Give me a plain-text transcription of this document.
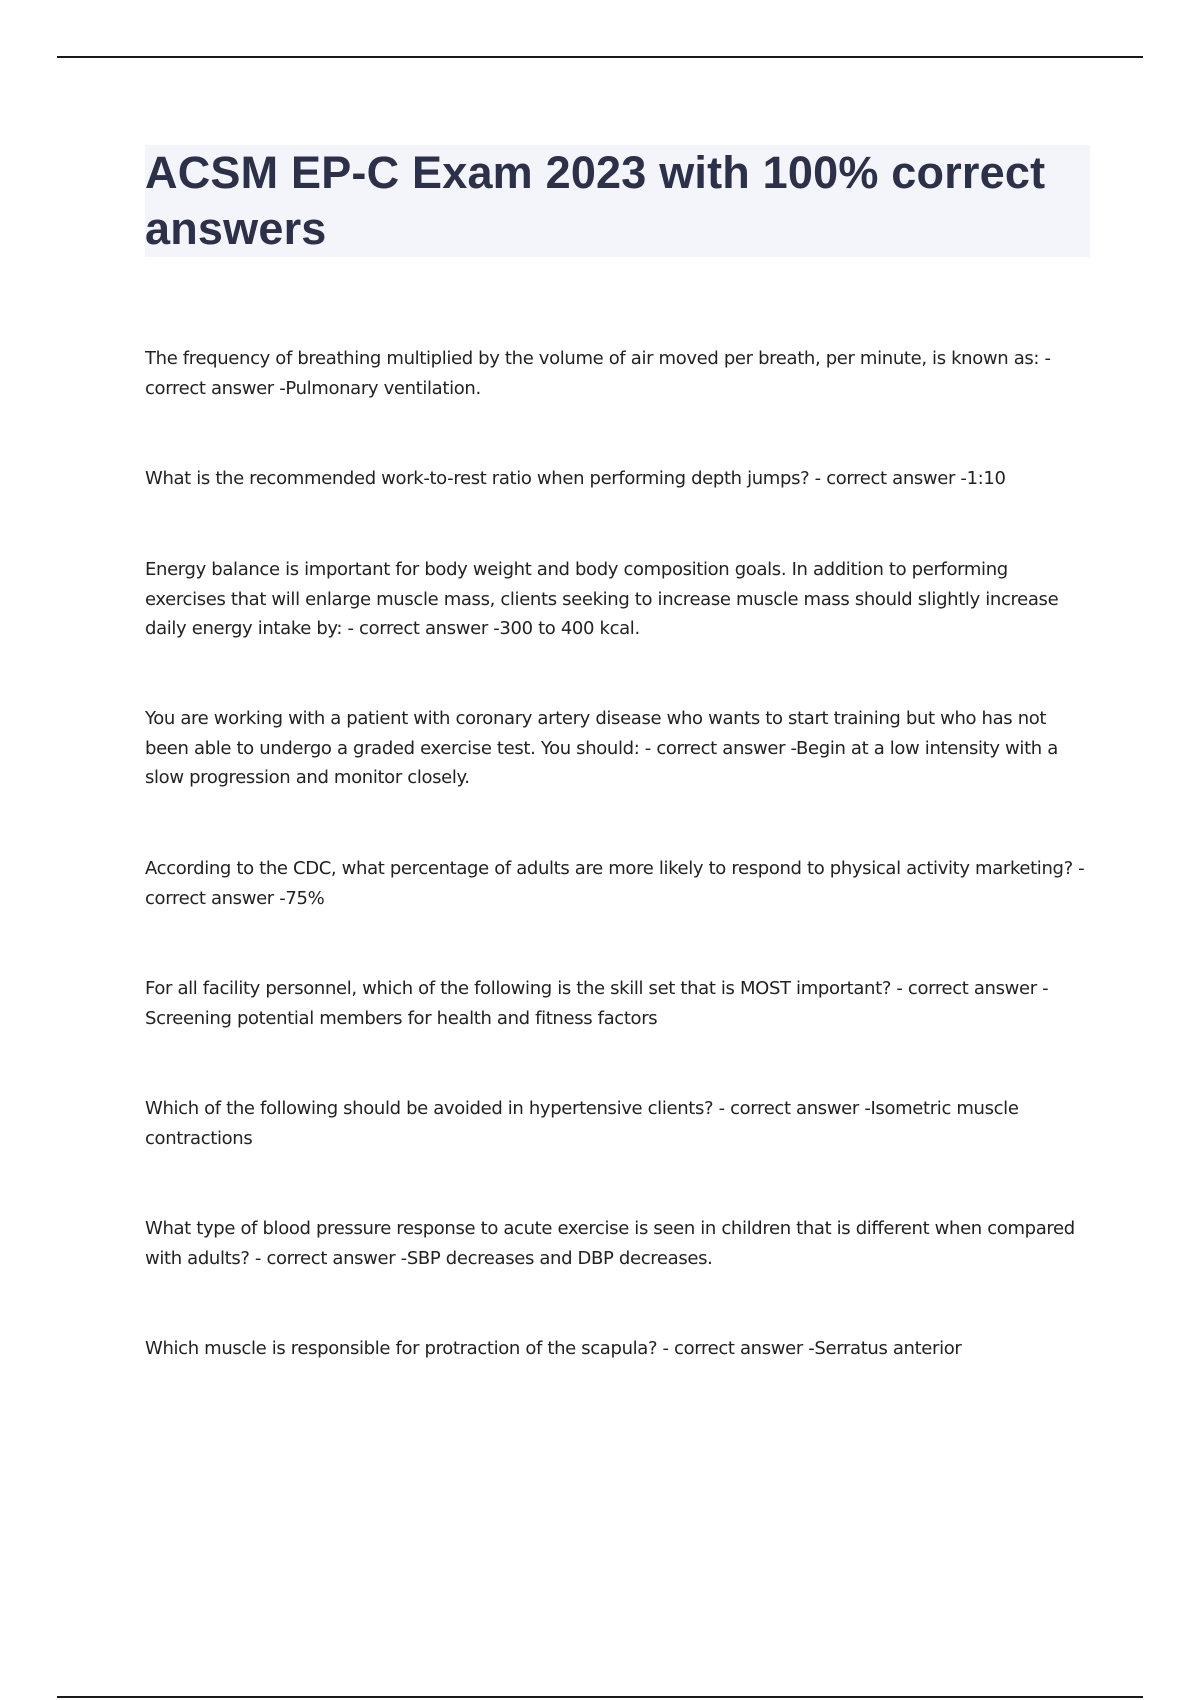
ACSM EP-C Exam 2023 with 100% correct answers

The frequency of breathing multiplied by the volume of air moved per breath, per minute, is known as: - correct answer -Pulmonary ventilation.

What is the recommended work-to-rest ratio when performing depth jumps? - correct answer -1:10

Energy balance is important for body weight and body composition goals. In addition to performing exercises that will enlarge muscle mass, clients seeking to increase muscle mass should slightly increase daily energy intake by: - correct answer -300 to 400 kcal.

You are working with a patient with coronary artery disease who wants to start training but who has not been able to undergo a graded exercise test. You should: - correct answer -Begin at a low intensity with a slow progression and monitor closely.

According to the CDC, what percentage of adults are more likely to respond to physical activity marketing? - correct answer -75%

For all facility personnel, which of the following is the skill set that is MOST important? - correct answer -Screening potential members for health and fitness factors

Which of the following should be avoided in hypertensive clients? - correct answer -Isometric muscle contractions

What type of blood pressure response to acute exercise is seen in children that is different when compared with adults? - correct answer -SBP decreases and DBP decreases.

Which muscle is responsible for protraction of the scapula? - correct answer -Serratus anterior
